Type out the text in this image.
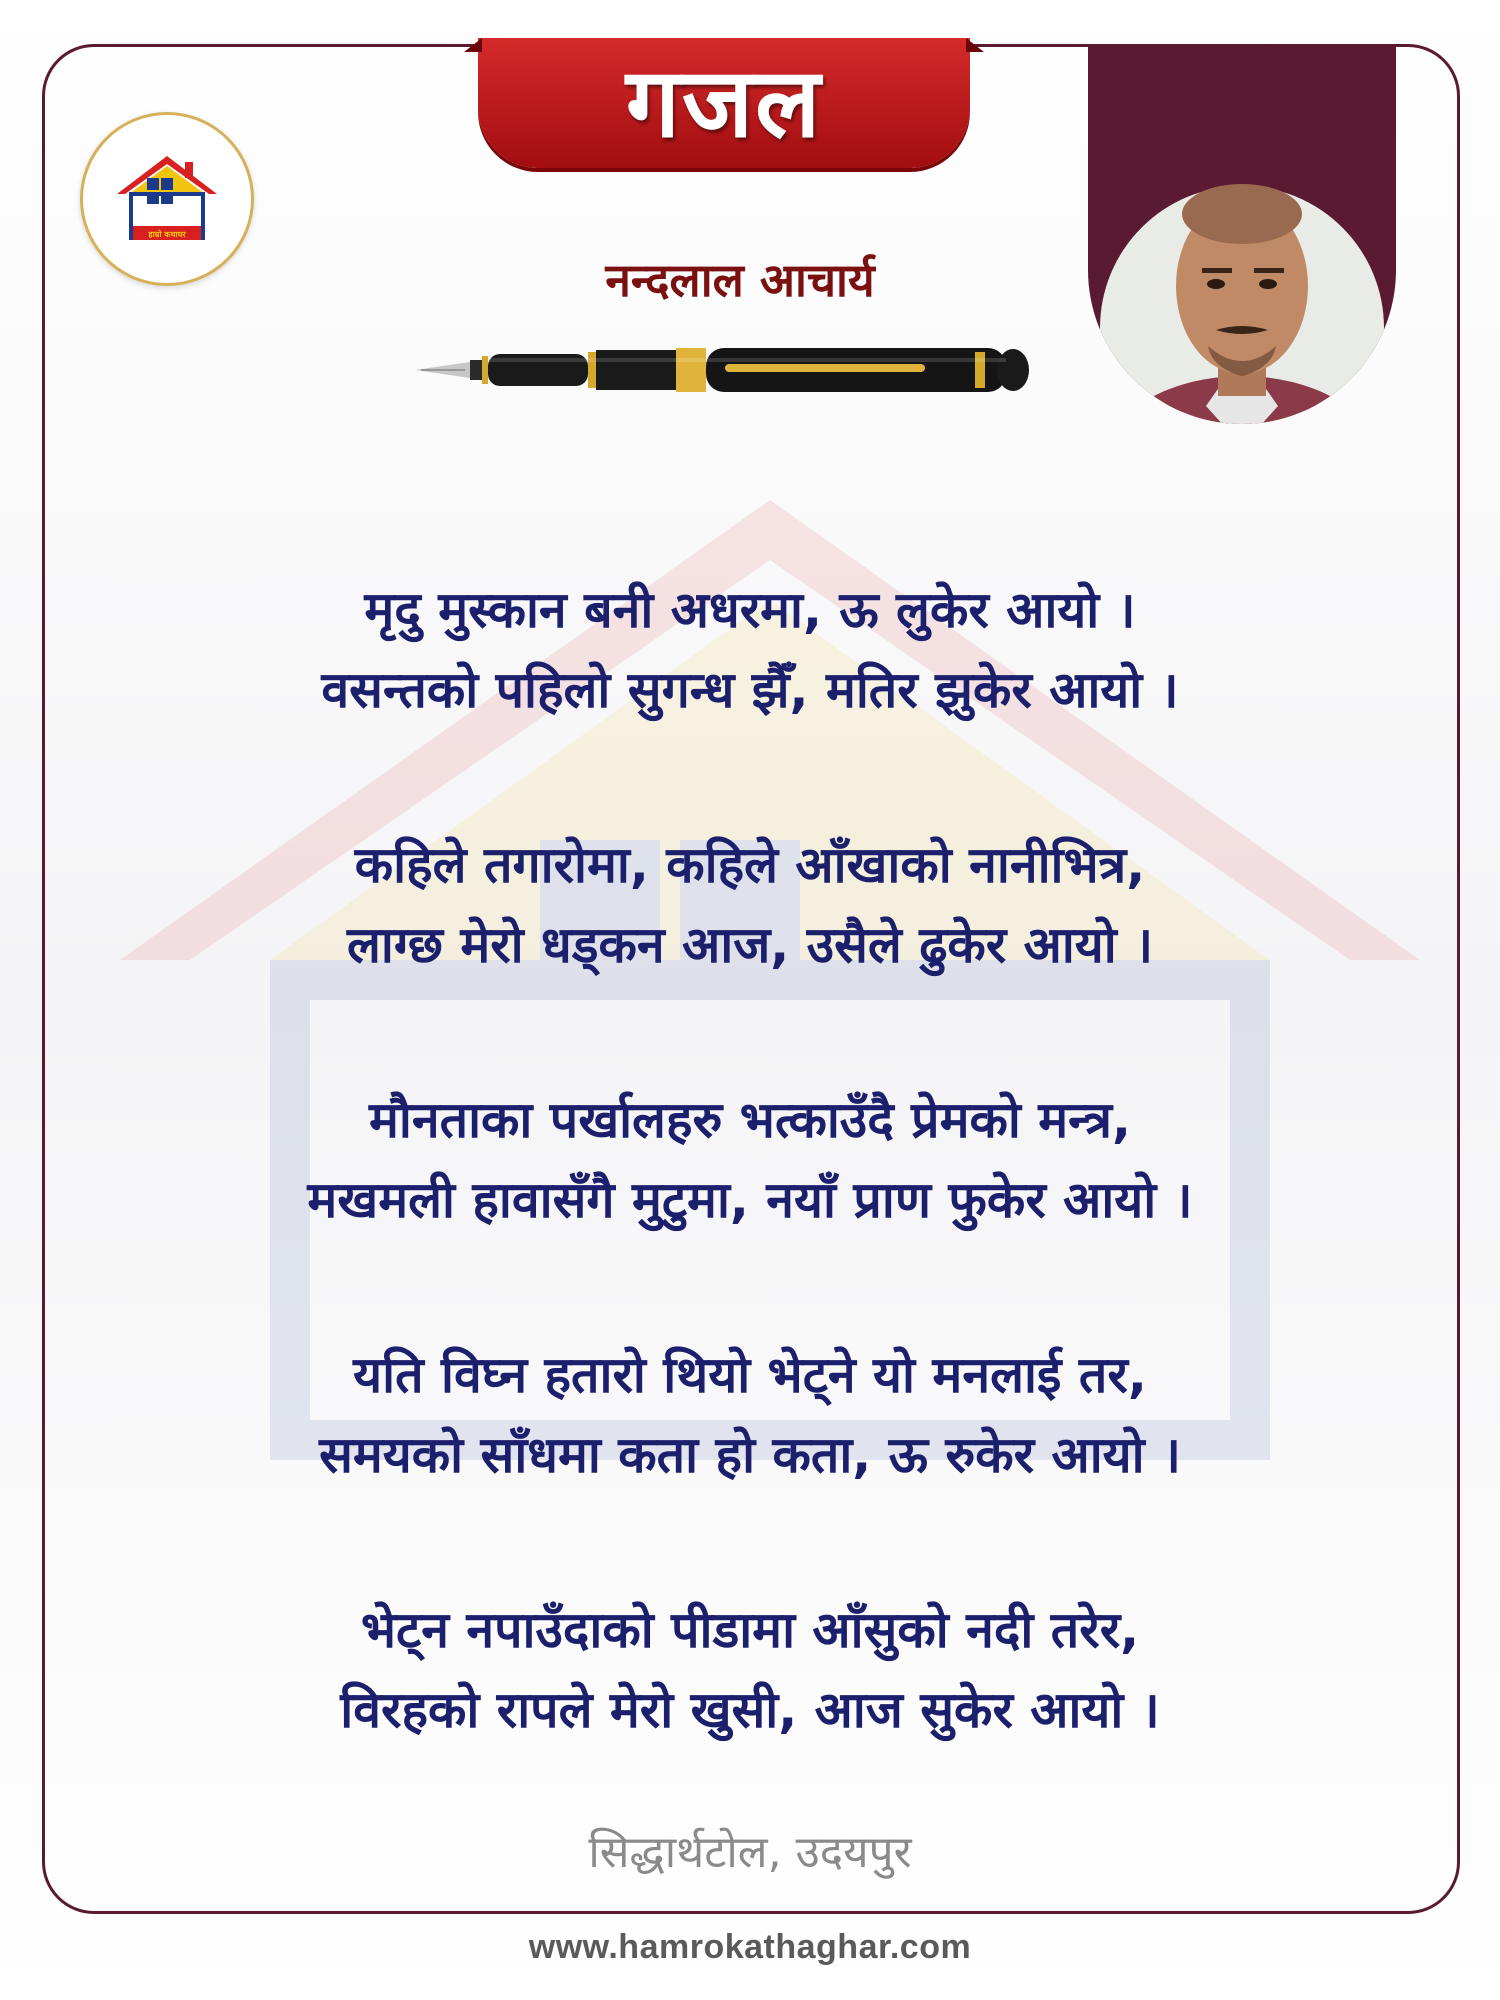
हाम्रो कथाघर
गजल
नन्दलाल आचार्य
मृदु मुस्कान बनी अधरमा, ऊ लुकेर आयो ।
वसन्तको पहिलो सुगन्ध झैँ, मतिर झुकेर आयो ।
कहिले तगारोमा, कहिले आँखाको नानीभित्र,
लाग्छ मेरो धड्कन आज, उसैले ढुकेर आयो ।
मौनताका पर्खालहरु भत्काउँदै प्रेमको मन्त्र,
मखमली हावासँगै मुटुमा, नयाँ प्राण फुकेर आयो ।
यति विघ्न हतारो थियो भेट्ने यो मनलाई तर,
समयको साँधमा कता हो कता, ऊ रुकेर आयो ।
भेट्न नपाउँदाको पीडामा आँसुको नदी तरेर,
विरहको रापले मेरो खुसी, आज सुकेर आयो ।
सिद्धार्थटोल, उदयपुर
www.hamrokathaghar.com
